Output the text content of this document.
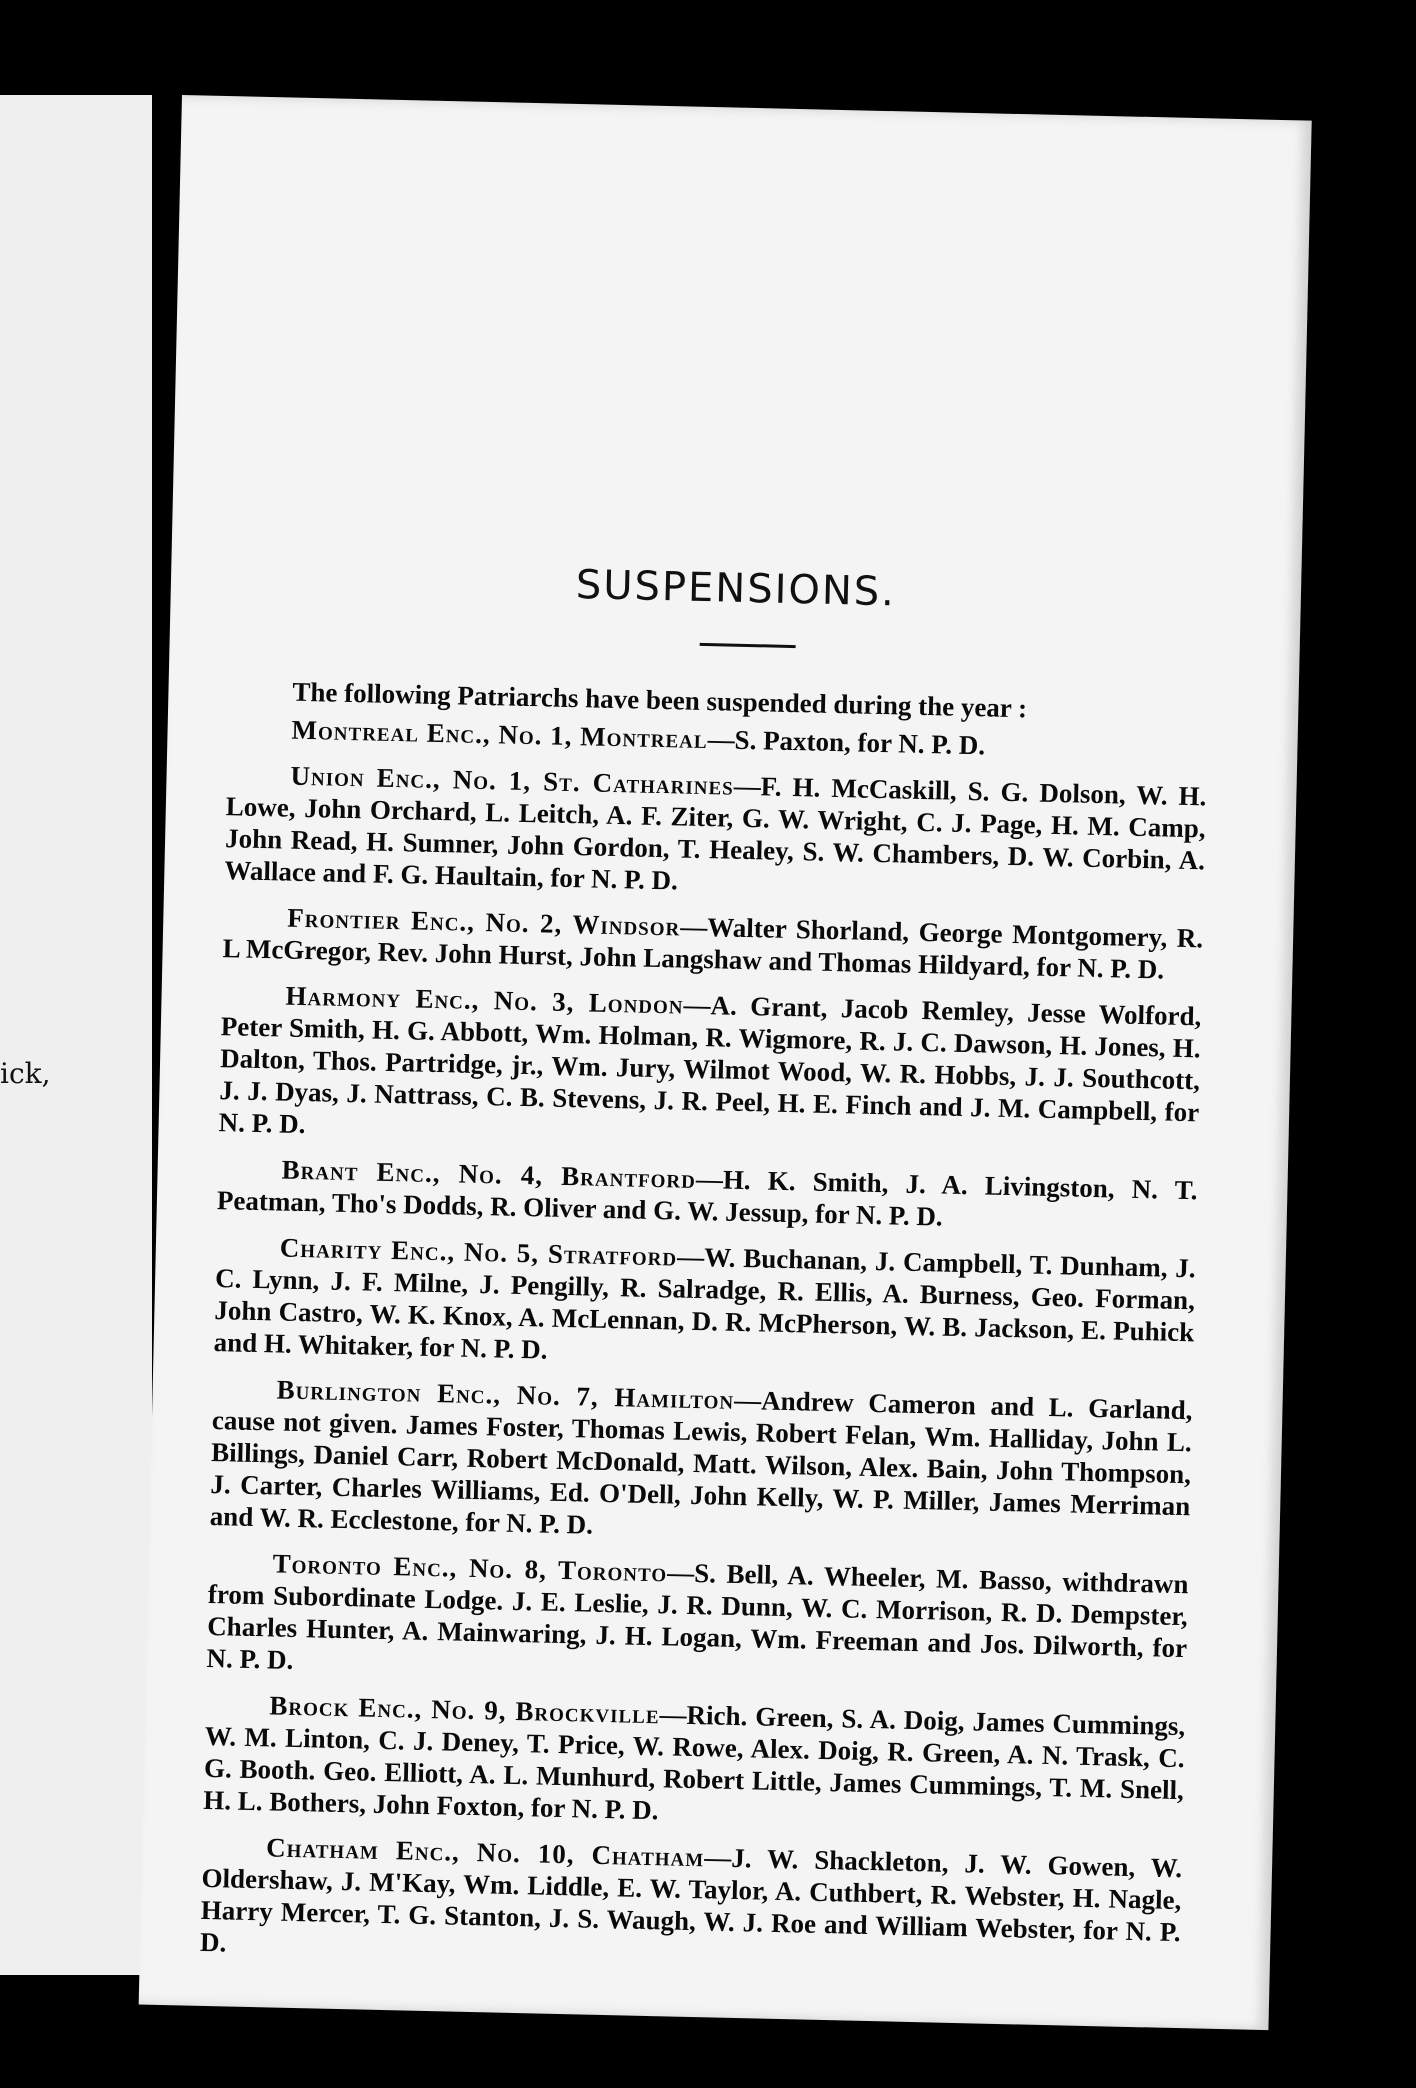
ick,
SUSPENSIONS.

The following Patriarchs have been suspended during the year :

Montreal Enc., No. 1, Montreal—S. Paxton, for N. P. D.

Union Enc., No. 1, St. Catharines—F. H. McCaskill, S. G. Dolson, W. H. Lowe, John Orchard, L. Leitch, A. F. Ziter, G. W. Wright, C. J. Page, H. M. Camp, John Read, H. Sumner, John Gordon, T. Healey, S. W. Chambers, D. W. Corbin, A. Wallace and F. G. Haultain, for N. P. D.

Frontier Enc., No. 2, Windsor—Walter Shorland, George Montgomery, R. L McGregor, Rev. John Hurst, John Langshaw and Thomas Hildyard, for N. P. D.

Harmony Enc., No. 3, London—A. Grant, Jacob Remley, Jesse Wolford, Peter Smith, H. G. Abbott, Wm. Holman, R. Wigmore, R. J. C. Dawson, H. Jones, H. Dalton, Thos. Partridge, jr., Wm. Jury, Wilmot Wood, W. R. Hobbs, J. J. Southcott, J. J. Dyas, J. Nattrass, C. B. Stevens, J. R. Peel, H. E. Finch and J. M. Campbell, for N. P. D.

Brant Enc., No. 4, Brantford—H. K. Smith, J. A. Livingston, N. T. Peatman, Tho's Dodds, R. Oliver and G. W. Jessup, for N. P. D.

Charity Enc., No. 5, Stratford—W. Buchanan, J. Campbell, T. Dunham, J. C. Lynn, J. F. Milne, J. Pengilly, R. Salradge, R. Ellis, A. Burness, Geo. Forman, John Castro, W. K. Knox, A. McLennan, D. R. McPherson, W. B. Jackson, E. Puhick and H. Whitaker, for N. P. D.

Burlington Enc., No. 7, Hamilton—Andrew Cameron and L. Garland, cause not given. James Foster, Thomas Lewis, Robert Felan, Wm. Halliday, John L. Billings, Daniel Carr, Robert McDonald, Matt. Wilson, Alex. Bain, John Thompson, J. Carter, Charles Williams, Ed. O'Dell, John Kelly, W. P. Miller, James Merriman and W. R. Ecclestone, for N. P. D.

Toronto Enc., No. 8, Toronto—S. Bell, A. Wheeler, M. Basso, withdrawn from Subordinate Lodge. J. E. Leslie, J. R. Dunn, W. C. Morrison, R. D. Dempster, Charles Hunter, A. Mainwaring, J. H. Logan, Wm. Freeman and Jos. Dilworth, for N. P. D.

Brock Enc., No. 9, Brockville—Rich. Green, S. A. Doig, James Cummings, W. M. Linton, C. J. Deney, T. Price, W. Rowe, Alex. Doig, R. Green, A. N. Trask, C. G. Booth. Geo. Elliott, A. L. Munhurd, Robert Little, James Cummings, T. M. Snell, H. L. Bothers, John Foxton, for N. P. D.

Chatham Enc., No. 10, Chatham—J. W. Shackleton, J. W. Gowen, W. Oldershaw, J. M'Kay, Wm. Liddle, E. W. Taylor, A. Cuthbert, R. Webster, H. Nagle, Harry Mercer, T. G. Stanton, J. S. Waugh, W. J. Roe and William Webster, for N. P. D.
